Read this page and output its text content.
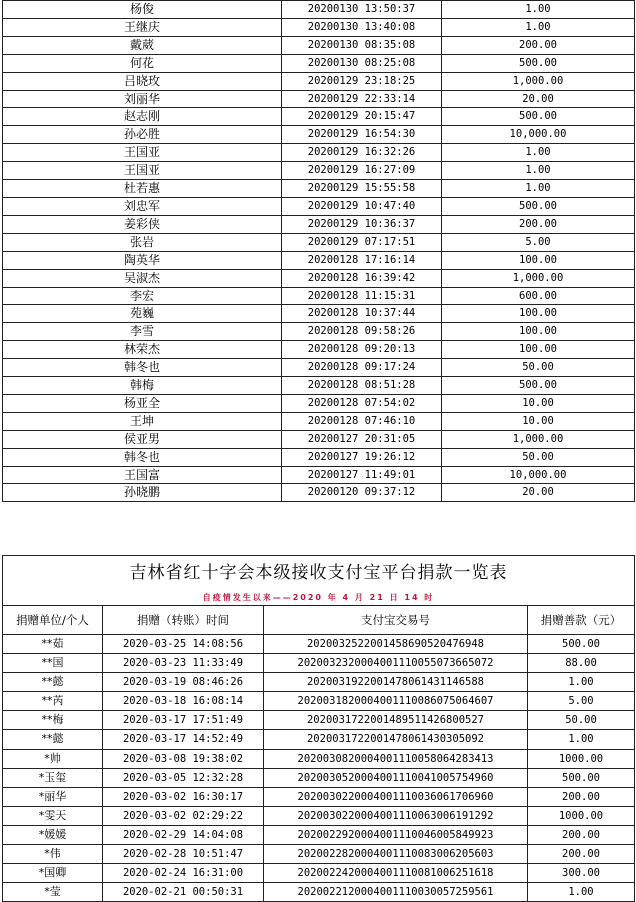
杨俊	20200130 13:50:37	1.00
王继庆	20200130 13:40:08	1.00
戴葳	20200130 08:35:08	200.00
何花	20200130 08:25:08	500.00
吕晓玫	20200129 23:18:25	1,000.00
刘丽华	20200129 22:33:14	20.00
赵志刚	20200129 20:15:47	500.00
孙必胜	20200129 16:54:30	10,000.00
王国亚	20200129 16:32:26	1.00
王国亚	20200129 16:27:09	1.00
杜若惠	20200129 15:55:58	1.00
刘忠军	20200129 10:47:40	500.00
姜彩侠	20200129 10:36:37	200.00
张岩	20200129 07:17:51	5.00
陶英华	20200128 17:16:14	100.00
吴淑杰	20200128 16:39:42	1,000.00
李宏	20200128 11:15:31	600.00
苑巍	20200128 10:37:44	100.00
李雪	20200128 09:58:26	100.00
林荣杰	20200128 09:20:13	100.00
韩冬也	20200128 09:17:24	50.00
韩梅	20200128 08:51:28	500.00
杨亚全	20200128 07:54:02	10.00
王坤	20200128 07:46:10	10.00
侯亚男	20200127 20:31:05	1,000.00
韩冬也	20200127 19:26:12	50.00
王国富	20200127 11:49:01	10,000.00
孙晓鹏	20200120 09:37:12	20.00
吉林省红十字会本级接收支付宝平台捐款一览表			
自疫情发生以来——2020 年 4 月 21 日 14 时			
捐赠单位/个人	捐赠（转账）时间	支付宝交易号	捐赠善款（元）
**茹	2020-03-25 14:08:56	2020032522001458690520476948	500.00
**国	2020-03-23 11:33:49	2020032320004001110055073665072	88.00
**懿	2020-03-19 08:46:26	2020031922001478061431146588	1.00
**芮	2020-03-18 16:08:14	2020031820004001110086075064607	5.00
**梅	2020-03-17 17:51:49	2020031722001489511426800527	50.00
**懿	2020-03-17 14:52:49	2020031722001478061430305092	1.00
*帅	2020-03-08 19:38:02	2020030820004001110058064283413	1000.00
*玉玺	2020-03-05 12:32:28	2020030520004001110041005754960	500.00
*丽华	2020-03-02 16:30:17	2020030220004001110036061706960	200.00
*雯天	2020-03-02 02:29:22	2020030220004001110063006191292	1000.00
*媛媛	2020-02-29 14:04:08	2020022920004001110046005849923	200.00
*伟	2020-02-28 10:51:47	2020022820004001110083006205603	200.00
*国卿	2020-02-24 16:31:00	2020022420004001110081006251618	300.00
*莹	2020-02-21 00:50:31	2020022120004001110030057259561	1.00
